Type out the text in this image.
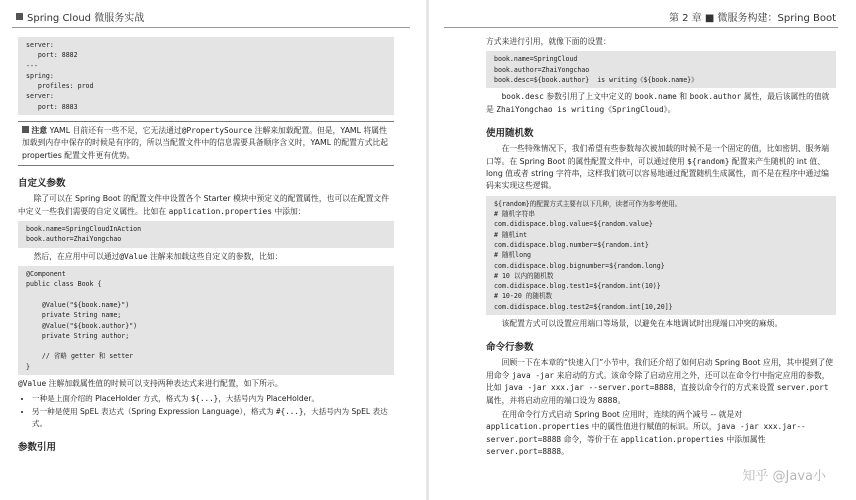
Spring Cloud 微服务实战
server:
port: 8882
---
spring:
profiles: prod
server:
port: 8883
注意 YAML 目前还有一些不足，它无法通过@PropertySource 注解来加载配置。但是，YAML 将属性加载到内存中保存的时候是有序的，所以当配置文件中的信息需要具备顺序含义时，YAML 的配置方式比起 properties 配置文件更有优势。
自定义参数

除了可以在 Spring Boot 的配置文件中设置各个 Starter 模块中预定义的配置属性，也可以在配置文件中定义一些我们需要的自定义属性。比如在 application.properties 中添加：

book.name=SpringCloudInAction
book.author=ZhaiYongchao

然后，在应用中可以通过@Value 注解来加载这些自定义的参数，比如：

@Component
public class Book {

@Value("${book.name}")
private String name;
@Value("${book.author}")
private String author;

// 省略 getter 和 setter
}

@Value 注解加载属性值的时候可以支持两种表达式来进行配置，如下所示。

• 一种是上面介绍的 PlaceHolder 方式，格式为 ${...}，大括号内为 PlaceHolder。
• 另一种是使用 SpEL 表达式（Spring Expression Language），格式为 #{...}，大括号内为 SpEL 表达式。
参数引用
第 2 章 ■ 微服务构建：Spring Boot

方式来进行引用，就像下面的设置：

book.name=SpringCloud
book.author=ZhaiYongchao
book.desc=${book.author}  is writing《${book.name}》

book.desc 参数引用了上文中定义的 book.name 和 book.author 属性，最后该属性的值就是 ZhaiYongchao is writing《SpringCloud》。

使用随机数

在一些特殊情况下，我们希望有些参数每次被加载的时候不是一个固定的值，比如密钥、服务端口等。在 Spring Boot 的属性配置文件中，可以通过使用 ${random} 配置来产生随机的 int 值、long 值或者 string 字符串，这样我们就可以容易地通过配置随机生成属性，而不是在程序中通过编码来实现这些逻辑。

${random}的配置方式主要有以下几种，读者可作为参考使用。
# 随机字符串
com.didispace.blog.value=${random.value}
# 随机int
com.didispace.blog.number=${random.int}
# 随机long
com.didispace.blog.bignumber=${random.long}
# 10 以内的随机数
com.didispace.blog.test1=${random.int(10)}
# 10-20 的随机数
com.didispace.blog.test2=${random.int[10,20]}

该配置方式可以设置应用端口等场景，以避免在本地调试时出现端口冲突的麻烦。

命令行参数

回顾一下在本章的“快速入门”小节中，我们还介绍了如何启动 Spring Boot 应用，其中提到了使用命令 java -jar 来启动的方式。该命令除了启动应用之外，还可以在命令行中指定应用的参数，比如 java -jar xxx.jar --server.port=8888，直接以命令行的方式来设置 server.port 属性，并将启动应用的端口设为 8888。

在用命令行方式启动 Spring Boot 应用时，连续的两个减号 -- 就是对 application.properties 中的属性值进行赋值的标识。所以，java -jar xxx.jar--server.port=8888 命令，等价于在 application.properties 中添加属性 server.port=8888。

知乎 @Java小
